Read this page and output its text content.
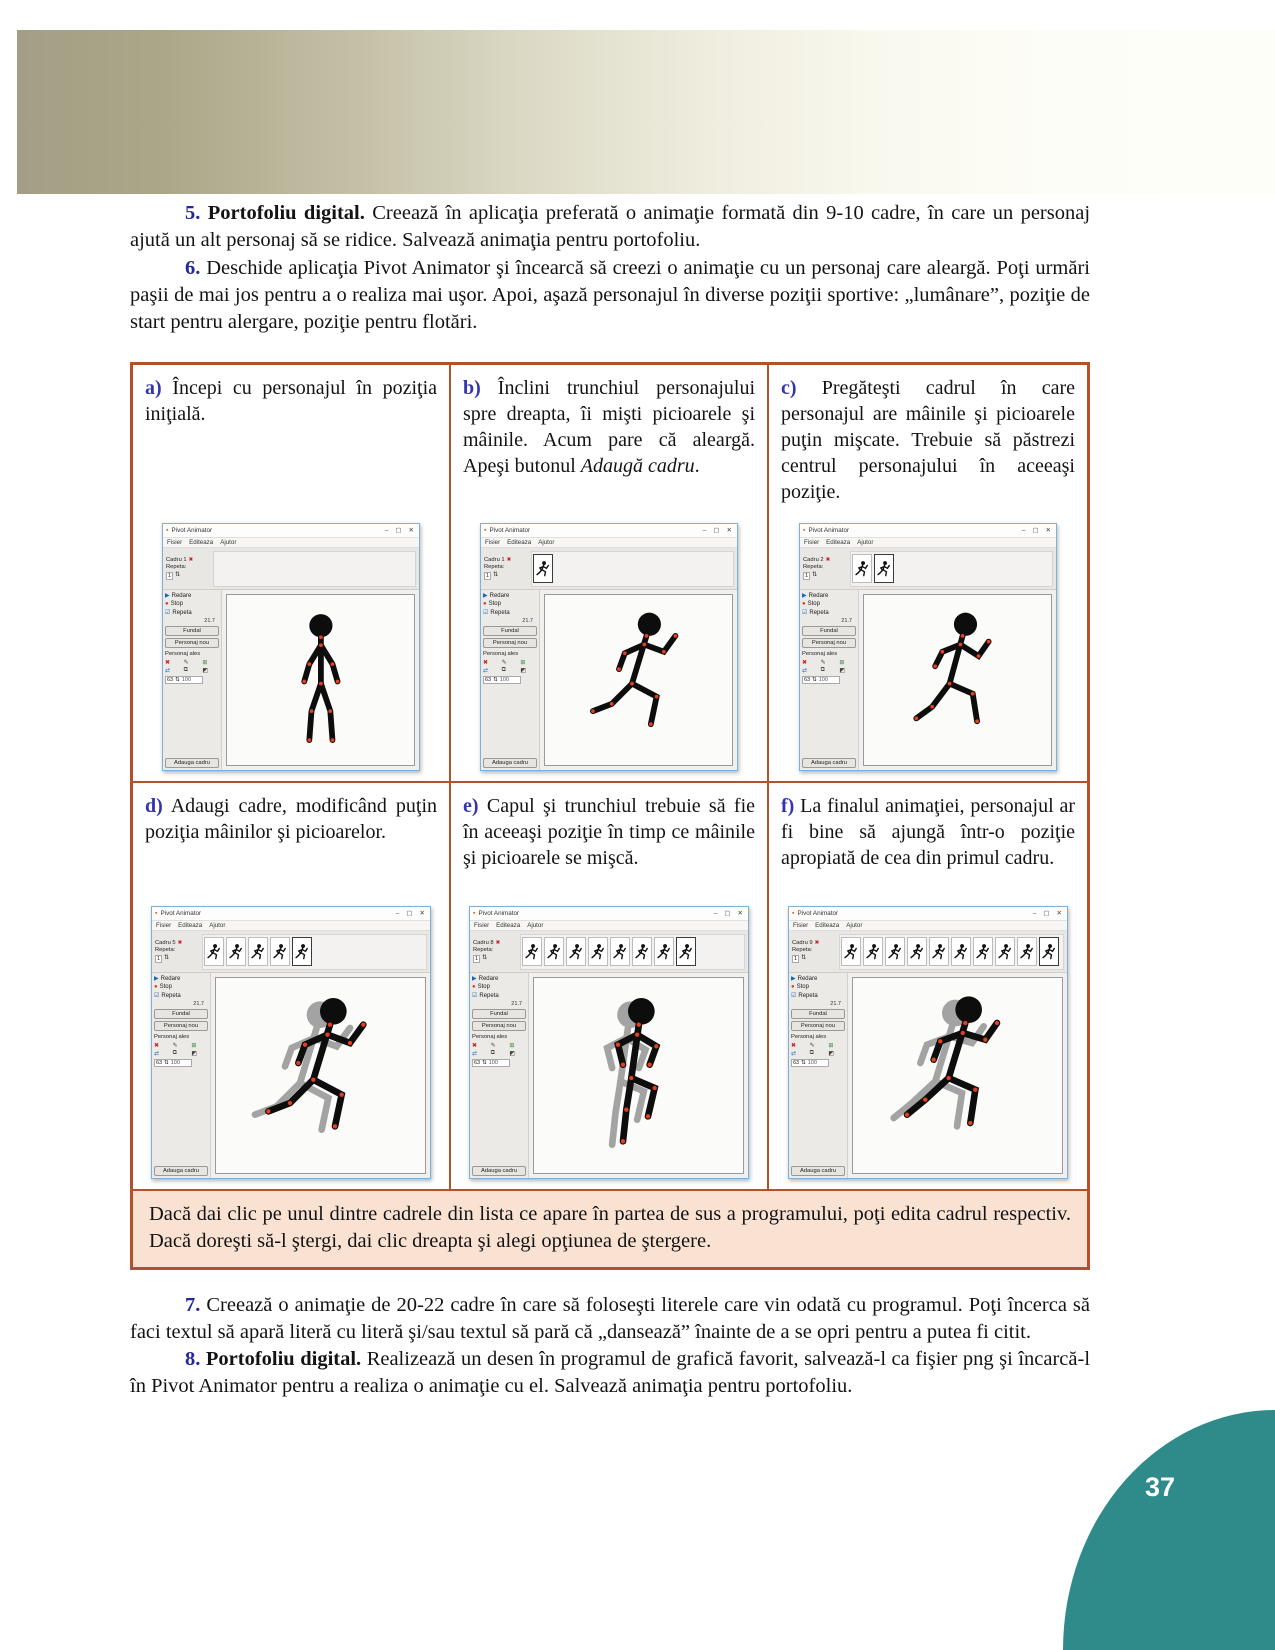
5. Portofoliu digital. Creează în aplicaţia preferată o animaţie formată din 9-10 cadre, în care un personaj ajută un alt personaj să se ridice. Salvează animaţia pentru portofoliu.

6. Deschide aplicaţia Pivot Animator şi încearcă să creezi o animaţie cu un personaj care aleargă. Poţi urmări paşii de mai jos pentru a o realiza mai uşor. Apoi, aşază personajul în diverse poziţii sportive: „lumânare”, poziţie de start pentru alergare, poziţie pentru flotări.

a) Începi cu personajul în poziţia iniţială.

▪ Pivot Animator	–	▢	✕
Fisier Editeaza Ajutor
Cadru 1 ✖
Repeta:
1 ⇅
▶ Redare
● Stop
☑ Repeta
21.7
Fundal
Personaj nou
Personaj ales
✖	✎	⊞
⇄	⧉	◩
63 ⇅ 100
Adauga cadru

b) Înclini trunchiul personajului spre dreapta, îi mişti picioarele şi mâinile. Acum pare că aleargă. Apeşi butonul Adaugă cadru.

▪ Pivot Animator	–	▢	✕
Fisier Editeaza Ajutor
Cadru 1 ✖
Repeta:
1 ⇅
▶ Redare
● Stop
☑ Repeta
21.7
Fundal
Personaj nou
Personaj ales
✖	✎	⊞
⇄	⧉	◩
63 ⇅ 100
Adauga cadru

c) Pregăteşti cadrul în care personajul are mâinile şi picioarele puţin mişcate. Trebuie să păstrezi centrul personajului în aceeaşi poziţie.

▪ Pivot Animator	–	▢	✕
Fisier Editeaza Ajutor
Cadru 2 ✖
Repeta:
1 ⇅
▶ Redare
● Stop
☑ Repeta
21.7
Fundal
Personaj nou
Personaj ales
✖	✎	⊞
⇄	⧉	◩
63 ⇅ 100
Adauga cadru

d) Adaugi cadre, modificând puţin poziţia mâinilor şi picioarelor.

▪ Pivot Animator	–	▢	✕
Fisier Editeaza Ajutor
Cadru 5 ✖
Repeta:
1 ⇅
▶ Redare
● Stop
☑ Repeta
21.7
Fundal
Personaj nou
Personaj ales
✖	✎	⊞
⇄	⧉	◩
63 ⇅ 100
Adauga cadru

e) Capul şi trunchiul trebuie să fie în aceeaşi poziţie în timp ce mâinile şi picioarele se mişcă.

▪ Pivot Animator	–	▢	✕
Fisier Editeaza Ajutor
Cadru 8 ✖
Repeta:
1 ⇅
▶ Redare
● Stop
☑ Repeta
21.7
Fundal
Personaj nou
Personaj ales
✖	✎	⊞
⇄	⧉	◩
63 ⇅ 100
Adauga cadru

f) La finalul animaţiei, personajul ar fi bine să ajungă într-o poziţie apropiată de cea din primul cadru.

▪ Pivot Animator	–	▢	✕
Fisier Editeaza Ajutor
Cadru 9 ✖
Repeta:
1 ⇅
▶ Redare
● Stop
☑ Repeta
21.7
Fundal
Personaj nou
Personaj ales
✖	✎	⊞
⇄	⧉	◩
63 ⇅ 100
Adauga cadru
Dacă dai clic pe unul dintre cadrele din lista ce apare în partea de sus a programului, poţi edita cadrul respectiv. Dacă doreşti să-l ştergi, dai clic dreapta şi alegi opţiunea de ştergere.

7. Creează o animaţie de 20-22 cadre în care să foloseşti literele care vin odată cu programul. Poţi încerca să faci textul să apară literă cu literă şi/sau textul să pară că „dansează” înainte de a se opri pentru a putea fi citit.

8. Portofoliu digital. Realizează un desen în programul de grafică favorit, salvează-l ca fişier png şi încarcă-l în Pivot Animator pentru a realiza o animaţie cu el. Salvează animaţia pentru portofoliu.

37
